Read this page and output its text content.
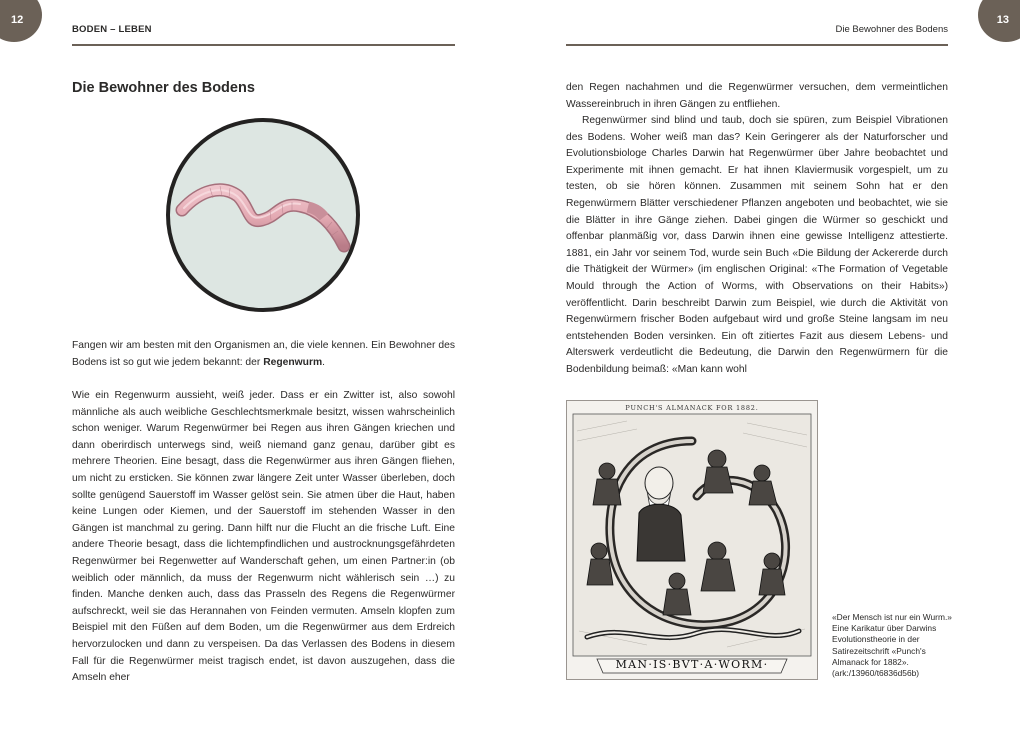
12
BODEN – LEBEN
Die Bewohner des Bodens

Fangen wir am besten mit den Organismen an, die viele kennen. Ein Bewohner des Bodens ist so gut wie jedem bekannt: der Regenwurm.

Wie ein Regenwurm aussieht, weiß jeder. Dass er ein Zwitter ist, also sowohl männliche als auch weibliche Geschlechtsmerkmale besitzt, wissen wahrscheinlich schon weniger. Warum Regenwürmer bei Regen aus ihren Gängen kriechen und dann oberirdisch unterwegs sind, weiß niemand ganz genau, darüber gibt es mehrere Theorien. Eine besagt, dass die Regenwürmer aus ihren Gängen fliehen, um nicht zu ersticken. Sie können zwar längere Zeit unter Wasser überleben, doch sollte genügend Sauerstoff im Wasser gelöst sein. Sie atmen über die Haut, haben keine Lungen oder Kiemen, und der Sauerstoff im stehenden Wasser in den Gängen ist manchmal zu gering. Dann hilft nur die Flucht an die frische Luft. Eine andere Theorie besagt, dass die lichtempfindlichen und austrocknungsgefährdeten Regenwürmer bei Regenwetter auf Wanderschaft gehen, um einen Partner:in (ob weiblich oder männlich, da muss der Regenwurm nicht wählerisch sein …) zu finden. Manche denken auch, dass das Prasseln des Regens die Regenwürmer aufschreckt, weil sie das Herannahen von Feinden vermuten. Amseln klopfen zum Beispiel mit den Füßen auf dem Boden, um die Regenwürmer aus dem Erdreich hervorzulocken und dann zu verspeisen. Da das Verlassen des Bodens in diesem Fall für die Regenwürmer meist tragisch endet, ist davon auszugehen, dass die Amseln eher

13
Die Bewohner des Bodens

den Regen nachahmen und die Regenwürmer versuchen, dem vermeintlichen Wassereinbruch in ihren Gängen zu entfliehen.

Regenwürmer sind blind und taub, doch sie spüren, zum Beispiel Vibrationen des Bodens. Woher weiß man das? Kein Geringerer als der Naturforscher und Evolutionsbiologe Charles Darwin hat Regenwürmer über Jahre beobachtet und Experimente mit ihnen gemacht. Er hat ihnen Klaviermusik vorgespielt, um zu testen, ob sie hören können. Zusammen mit seinem Sohn hat er den Regenwürmern Blätter verschiedener Pflanzen angeboten und beobachtet, wie sie die Blätter in ihre Gänge ziehen. Dabei gingen die Würmer so geschickt und offenbar planmäßig vor, dass Darwin ihnen eine gewisse Intelligenz attestierte. 1881, ein Jahr vor seinem Tod, wurde sein Buch «Die Bildung der Ackererde durch die Thätigkeit der Würmer» (im englischen Original: «The Formation of Vegetable Mould through the Action of Worms, with Observations on their Habits») veröffentlicht. Darin beschreibt Darwin zum Beispiel, wie durch die Aktivität von Regenwürmern frischer Boden aufgebaut wird und große Steine langsam im neu entstehenden Boden versinken. Ein oft zitiertes Fazit aus diesem Lebens- und Alterswerk verdeutlicht die Bedeutung, die Darwin den Regenwürmern für die Bodenbildung beimaß: «Man kann wohl

PUNCH'S ALMANACK FOR 1882.
MAN·IS·BVT·A·WORM·

«Der Mensch ist nur ein Wurm.» Eine Karikatur über Darwins Evolutionstheorie in der Satirezeitschrift «Punch's Almanack for 1882». (ark:/13960/t6836d56b)
